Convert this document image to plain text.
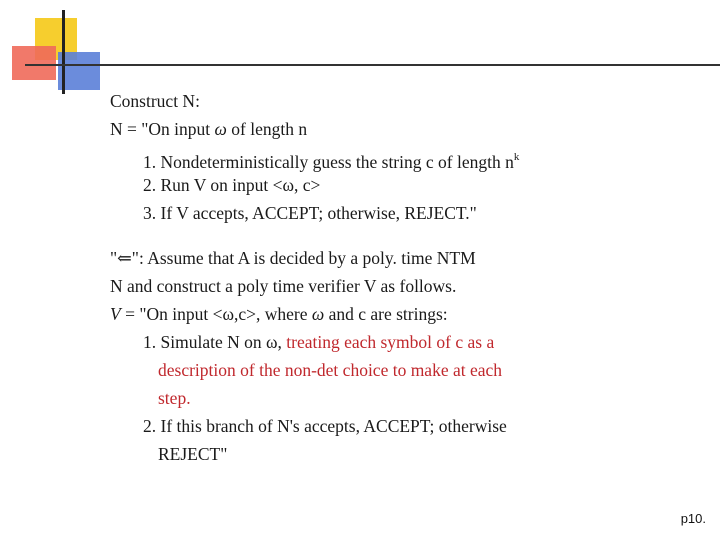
Construct N:
N = "On input ω of length n
1. Nondeterministically guess the string c of length $n^k$
2. Run V on input <ω, c>
3. If V accepts, ACCEPT; otherwise, REJECT."
"⇐": Assume that A is decided by a poly. time NTM
N and construct a poly time verifier V as follows.
V = "On input <ω,c>, where ω and c are strings:
1. Simulate N on ω, treating each symbol of c as a
description of the non-det choice to make at each
step.
2. If this branch of N's accepts, ACCEPT; otherwise
REJECT"
p10.
